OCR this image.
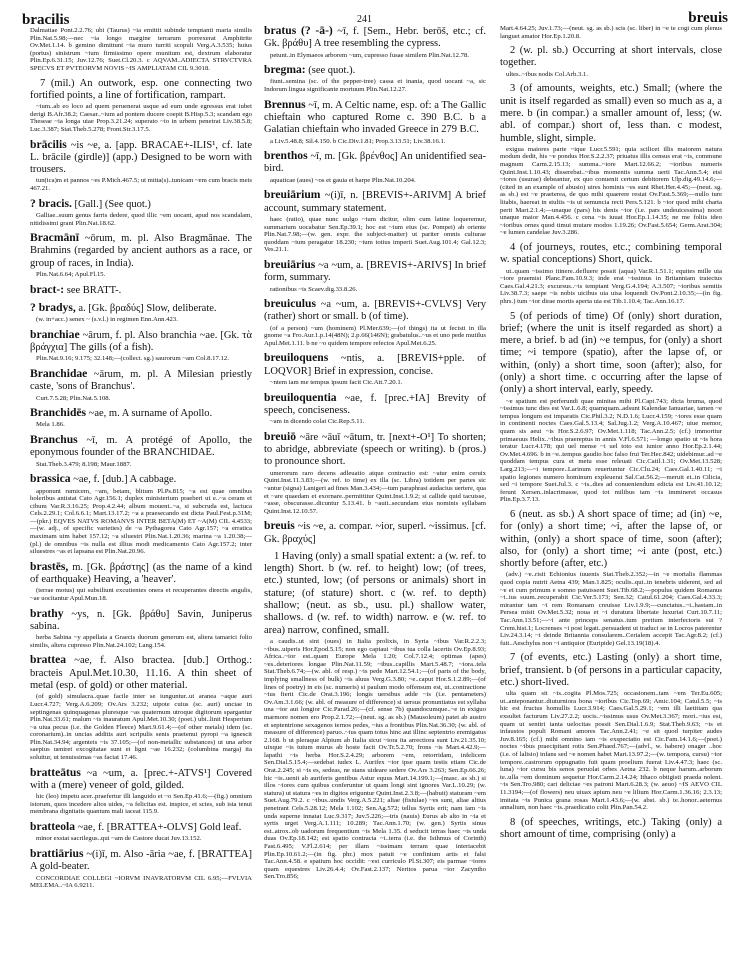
bracilis	241	breuis

Dalmatiae Pont.2.2.76; ubi (Taurus) ~ia emittit subinde temptanti maria similis Plin.Nat.5.98;—nec ~ia longo margine terrarum porrexerat Amphitrite Ov.Met.1.14. b gemino dimittunt ~ia muro turriti scopuli Verg.A.3.535; huius (portus) sinistrum ~ium firmissimo opere munitum est, dextrum elaboratur Plin.Ep.6.31.15; Juv.12.76; Suet.Cl.20.3. c AQVAM..ADIECTA STRVCTVRA SPECVS ET PVTEORVM NOVIS ~IS AMPLIATAM CIL 9.3018.

7 (mil.) An outwork, esp. one connecting two fortified points, a line of fortification, rampart.

~ium..ab eo loco ad quem peruenerat usque ad eum unde egressus erat iubet derigi B.Afr.38.2; Caesar..~ium ad pontem ducere coepit B.Hisp.5.3; scandam ego Theseae ~ia longa uiae Prop.3.21.24; superato ~io in urbem penetrat Liv.38.5.8; Luc.3.387; Stat.Theb.5.278; Front.Str.3.17.5.

brācilis ~is ~e, a. [app. BRACAE+-ILIS¹, cf. late L. brācile (girdle)] (app.) Designed to be worn with trousers.

tun(ica)m et pannos ~es P.Mich.467.5; ut mitta(s)..tunicam ~em cum bracis meis 467.21.

? bracis. [Gall.] (See quot.)

Galliae..suum genus farris dedere, quod illic ~em uocant, apud nos scandalam, nitidissimi grani Plin.Nat.18.62.

Bracmānī ~ōrum, m. pl. Also Bragmānae. The Brahmins (regarded by ancient authors as a race, or group of races, in India).

Plin.Nat.6.64; Apul.Fl.15.

bract-: see BRATT-.

? bradys, a. [Gk. βραδύς] Slow, deliberate.

(w. in+acc.) senex ~ (s.v.l.) in regimen Enn.Ann.423.

branchiae ~ārum, f. pl. Also branchia ~ae. [Gk. τὰ βράγχια] The gills (of a fish).

Plin.Nat.9.16; 9.175; 32.148;—(collect. sg.) saurorum ~am Col.8.17.12.

Branchidae ~ārum, m. pl. A Milesian priestly caste, 'sons of Branchus'.

Curt.7.5.28; Plin.Nat.5.108.

Branchidēs ~ae, m. A surname of Apollo.

Mela 1.86.

Branchus ~ī, m. A protégé of Apollo, the eponymous founder of the BRANCHIDAE.

Stat.Theb.3.479; 8.198; Maur.1887.

brassica ~ae, f. [dub.] A cabbage.

apponunt rumicem, ~am, betam, blitum Pl.Ps.815; ~a est quae omnibus holeribus antistat Cato Agr.156.1; duplex ministerium praeberi ut e..~a ceram et cibum Var.R.3.16.25; Prop.4.2.44; album mouent..~a, si subcruda est, lactuca Cels.2.29.1; Col.6.6.1; Mart.13.17.2; ~a a praesecando est dicta Paul.Fest.p.31M;—(pkr.) EQVES NATVS ROMANVS INTER BETA(M) ET ~A(M) CIL 4.4533;—(w. adj., of specific varieties) de ~a Pythagorea Cato Agr.157; ~a erratica maximam uim habet 157.12; ~a siluestri Plin.Nat.1.20.36; marina ~a 1.20.38;—(pl.) de omnibus ~is nulla est illius modi medicamento Cato Agr.157.2; inter siluestres ~as et lapsana est Plin.Nat.20.96.

brastēs, m. [Gk. βράστης] (as the name of a kind of earthquake) Heaving, a 'heaver'.

(terrae motus) qui subsiliunt excutientes onera et recuperantes directis angulis, ~ae uocitantur Apul.Mun.18.

brathy ~ys, n. [Gk. βράθυ] Savin, Juniperus sabina.

herba Sabina ~y appellata a Graecis duorum generum est, altera tamarici folio similis, altera cupresso Plin.Nat.24.102; Lang.154.

brattea ~ae, f. Also bractea. [dub.] Orthog.: bracteis Apul.Met.10.30, 11.16. A thin sheet of metal (esp. of gold) or other material.

(of gold) simulacra..quae facile inter se iunguntur..ut aranea ~aque auri Lucr.4.727; Verg.A.6.209; Ov.Ars 3.232; utpote cuius (sc. auri) unciae in septingenas quinquagenas pluresque ~as quaternum utroque digitorum spargantur Plin.Nat.33.61; malum ~is inauratum Apul.Met.10.30; (poet.) ubi..linit Hesperium ~a uiua pecus (i.e. the Golden Fleece) Mart.9.61.4;—(of other metals) idem (sc. coronarium)..in uncias additis auri scripulis senis praetenui pyropi ~a ignescit Plin.Nat.34.94; argenteis ~is 37.105;—(of non-metallic substances) ut una arbor saepius ueniret excogitatae sunt et ligni ~ae 16.232; (columbina marga) ita soluitur, ut tenuissimas ~as faciat 17.46.

bratteātus ~a ~um, a. [prec.+-ATVS¹] Covered with a (mere) veneer of gold, gilded.

hic (leo) impetu acer..praefertur illi languido et ~o Sen.Ep.41.6;—(fig.) omnium istorum, quos incedere altos uides, ~a felicitas est. inspice, et scies, sub ista tenui membrana dignitatis quantum mali iaceat 115.9.

bratteola ~ae, f. [BRATTEA+-OLVS] Gold leaf.

minor exstat sacrilegus..qui ~am de Castore ducat Juv.13.152.

brattiārius ~(i)ī, m. Also -āria ~ae, f. [BRATTEA] A gold-beater.

CONCORDIAE COLLEGI ~IORVM INAVRATORVM CIL 6.95;—FVLVIA MELEMA..~IA 6.9211.

bratus (? -ā-) ~ī, f. [Sem., Hebr. berōš, etc.; cf. Gk. βράθυ] A tree resembling the cypress.

petunt..in Elymaeos arborem ~um, cupresso fusae similem Plin.Nat.12.78.

bregma: (see quot.).

fiunt..semina (sc. of the pepper-tree) cassa et inania, quod uocant ~a, sic Indorum lingua significante mortuum Plin.Nat.12.27.

Brennus ~ī, m. A Celtic name, esp. of: a The Gallic chieftain who captured Rome c. 390 B.C. b a Galatian chieftain who invaded Greece in 279 B.C.

a Liv.5.48.8; Sil.4.150. b Cic.Div.1.81; Prop.3.13.51; Liv.38.16.1.

brenthos ~ī, m. [Gk. βρένθος] An unidentified sea-bird.

aquaticae (aues) ~os et gauia et harpe Plin.Nat.10.204.

breuiārium ~(i)ī, n. [BREVIS+-ARIVM] A brief account, summary statement.

haec (ratio), quae nunc uulgo ~ium dicitur, olim cum latine loqueremur, summarium uocabatur Sen.Ep.39.1; hoc est ~ium eius (sc. Pompei) ab oriente Plin.Nat.7.98;—(w. gen. expr. the subject-matter) ut pariter omnis culturae quoddam ~ium peragatur 18.230; ~ium totius imperii Suet.Aug.101.4; Gal.12.3; Ves.21.1.

breuiārius ~a ~um, a. [BREVIS+-ARIVS] In brief form, summary.

rationibus ~is Scaev.dig.33.8.26.

breuiculus ~a ~um, a. [BREVIS+-CVLVS] Very (rather) short or small. b (of time).

(of a person) ~um (hominem) Pl.Mer.639;—(of things) ita ut fecisti in illa gnome ~a Fro.Aur.1.p.14(48N); 2.p.66(146N); grabatulus..~us et uno pede mutilus Apul.Met.1.11. b ne ~o quidem tempore refectos Apul.Met.6.25.

breuiloquens ~ntis, a. [BREVIS+pple. of LOQVOR] Brief in expression, concise.

~ntem iam me tempus ipsum facit Cic.Att.7.20.1.

breuiloquentia ~ae, f. [prec.+IA] Brevity of speech, conciseness.

~am in dicendo colat Cic.Rep.5.11.

breuiō ~āre ~āuī ~ātum, tr. [next+-O¹] To shorten; to abridge, abbreviate (speech or writing). b (pros.) to pronounce short.

umerorum raro decens adleuatio atque contractio est: ~atur enim ceruix Quint.Inst.11.3.83;—(w. ref. to time) ex illa (sc. Libra) totidem per partes sic ~antur (signa) Lanigeri ad fines Man.3.434;—tum paraphrasi audacius uertere, qua et ~are quaedam et exornare..permittitur Quint.Inst.1.9.2; si callide quid tacuisse, ~asse, obscurasse..dicuntur 5.13.41. b ~auit..secundam eius nominis syllabam Quint.Inst.12.10.57.

breuis ~is ~e, a. compar. ~ior, superl. ~issimus. [cf. Gk. βραχύς]

1 Having (only) a small spatial extent: a (w. ref. to length) Short. b (w. ref. to height) low; (of trees, etc.) stunted, low; (of persons or animals) short in stature; (of stature) short. c (w. ref. to depth) shallow; (neut. as sb., usu. pl.) shallow water, shallows. d (w. ref. to width) narrow. e (w. ref. to area) narrow, confined, small.

a caudis..ut sint (oues) in Italia prolixis, in Syria ~ibus Var.R.2.2.3; ~ibus..uiperis Hor.Epod.5.15; non ego captaui ~ibus tua colla lacertis Ov.Ep.8.93; Africa..~ior est..quam Europe Mela 1.20; Col.7.12.4; optimas (apes) ~es..deteriores longae Plin.Nat.11.59; ~ibus..capillis Mart.5.48.7; ~iora..tela Stat.Theb.6.74;—(w. abl. of resp.) ~is pede Mart.12.54.1;—(of parts of the body, implying smallness of bulk) ~is aluus Verg.G.3.80; ~e..caput Hor.S.1.2.89;—(of lines of poetry) in eis (sc. numeris) si paulum modo offensum est, ut..contractione ~ius fierit Cic.de Orat.3.196; longis uersibus adde ~is (i.e. pentameters) Ov.Am.3.1.66; (w. abl. of measure of difference) si uersus pronuntiatus est syllaba una ~ior aut longior Cic.Parad.26;—(cf. sense 7b) quandocumque..~e in exiguo marmore nomen ero Prop.2.1.72;—(neut. sg. as sb.) (Mausoleum) patet ab austro et septentrione sexagenos ternos pedes, ~ius a frontibus Plin.Nat.36.30; (w. abl. of measure of difference) paruo..~ius quam totus hinc aut illinc septentrio eremigatus 2.168. b ut pleraque Alpium ab Italia sicut ~iora ita arrectiora sunt Liv.21.35.10; uixque ~is tutum murus ab hoste facit Ov.Tr.5.2.70; frons ~is Mart.4.42.9;—lapathi ~is herba Hor.S.2.4.29; arborem ~em, retorridam, infelicem Sen.Dial.5.15.4;—sedebat iudex L. Aurifex ~ior ipse quam testis etiam Cic.de Orat.2.245; si ~is es, sedeas, ne stans uideare sedere Ov.Ars 3.263; Sen.Ep.66.26; hic ~is..uenit ab auriferis gentibus Astur equus Mart.14.199.1;—(masc. as sb.) si illos ~iores cum quibus conferuntur ut quam longi sint ignores Var.L.10.29; (w. statura) ut statura ~es in digitos eriguntur Quint.Inst.2.3.8;—(habuit) staturam ~em Suet.Aug.79.2. c ~ibus..undis Verg.A.5.221; aliae (fistulae) ~es sunt, aliae altius penetrant Cels.5.28.12; Mela 1.102; Sen.Ag.572; tellus Syrtis erit; nam iam ~is unda superne innatat Luc.9.317; Juv.5.226;—tris (nauis) Eurus ab alto in ~ia et syrtis urget Verg.A.1.111; 10.289; Tac.Ann.1.70; (w. gen.) Syrtis sinus est..atrox..ob uadorum frequentium ~is Mela 1.35. d seducit terras haec ~is unda duas Ov.Ep.18.142; est spatio contracta ~i..terra (i.e. the Isthmus of Corinth) Fast.6.495; V.Fl.2.614; per illam ~issimam terram quae interiacebit Plin.Ep.10.61.2;—(in fig. phr.) mox patuit ~e confinium artis et falsi Tac.Ann.4.58. e spatium hoc occidit: ~est curriculo Pl.St.307; eis parmae ~iores quam equestres Liv.26.4.4; Ov.Fast.2.137; Neritos parua ~ior Zacyntho Sen.Tro.856;

Mart.4.64.25; Juv.1.73;—(neut. sg. as sb.) scis (sc. liber) in ~e te cogi cum plenus languet amator Hor.Ep.1.20.8.

2 (w. pl. sb.) Occurring at short intervals, close together.

ultes..~ibus nodis Col.Arb.3.1.

3 (of amounts, weights, etc.) Small; (where the unit is itself regarded as small) even so much as a, a mere. b (in compar.) a smaller amount of, less; (w. abl. of compar.) short of, less than. c modest, humble, slight, simple.

exigua maiores parte ~ique Lucr.5.591; quia scilicet illis maiorem natura modum dedit, his ~e pondus Hor.S.2.2.37; priuatus illis census erat ~is, commune magnum Carm.2.15.13; summa..~iore Mart.12.66.2; ~ioribus numeris Quint.Inst.1.10.43; disserebat..~ibus momentis summa uerti Tac.Ann.5.4; etsi ~iores (usurae) debeantur, ex quo conuenit certum debitorem Ulp.dig.49.14.6;—(cited in an example of abusio) uires hominis ~es sunt Rhet.Her.4.45;—(neut. sg. as sb.) est ~e praeterea, de quo mihi quaerere restat Ov.Fast.5.369;—nullo ture litabis, haereat in stultis ~is ut semuncia recti Pers.5.121. b ~ior quod mihi charta perit Mart.2.1.4;—unaque (pars) bis denis ~ior (i.e. pars undeuicessima) nocet unaque maior Man.4.456. c cena ~is iuuat Hor.Ep.1.14.35; ne me foliis ideo ~ioribus ornes quod timui mutare modos 1.19.26; Ov.Fast.5.654; Germ.Arat.304; ~e lumen candelae Juv.3.286.

4 (of journeys, routes, etc.; combining temporal w. spatial conceptions) Short, quick.

ut..quam ~issimo itinere..defluere possit (aqua) Var.R.1.51.1; equites mille uia ~iore praemisi Planc.Fam.10.9.3; inde erat ~issimus in Britanniam traiectus Caes.Gal.4.21.3; excursus..~is temptant Verg.G.4.194; A.3.507; ~ioribus semitis Liv.38.7.3; saepe ~is nobis uicibus uia uisa loquendi Ov.Pont.2.10.35;—(in fig. phrs.) tum ~ior dirae mortis aperta uia est Tib.1.10.4; Tac.Ann.16.17.

5 (of periods of time) Of (only) short duration, brief; (where the unit is itself regarded as short) a mere, a brief. b ad (in) ~e tempus, for (only) a short time; ~i tempore (spatio), after the lapse of, or within, (only) a short time, soon (after); also, for (only) a short time. c occurring after the lapse of (only) a short interval, early, speedy.

~e spatium est perferundi quae minitas mihi Pl.Capt.743; dicta bruma, quod ~issimus tunc dies est Var.L.6.8; quamquam..adsunt Kalendae Ianuariae, tamen ~e tempus longum est imparatis Cic.Phil.3.2; N.D.1.6; Lucr.4.159; ~iores esse quam in continenti noctes Caes.Gal.5.13.4; Sal.Jug.1.2; Verg.A.10.467; uiue memor, quam sis aeui ~is Hor.S.2.6.97; Ov.Met.1.118; Tac.Ann.2.5; (cf.) immoritur primaeuus Helix..~ibus praereptus in annis V.Fl.6.571; —longo spatio ut ~is hora teratur Lucr.4.178; qui uel mense ~i uel toto est iunior anno Hor.Ep.2.1.44; Ov.Met.4.696. b in ~e..tempus gaudio hoc falso frui Ter.Hec.842; uidebimur..ad ~e quoddam tempus cura et metu esse releuati Cic.Catil.1.31; Ov.Met.13.528; Larg.213;—~i tempore..Larinum reuertuntur Cic.Clu.24; Caes.Gal.1.40.11; ~i spatio legiones numero hominum expleuerat Sal.Cat.56.2;—meruit et..in Cilicia, sed ~i tempore Suet.Jul.3. c ~is..dies ad conueniendum edicta est Liv.41.10.12; ferunt Xersen..inlacrimasse, quod tot milibus tam ~is immineret occasus Plin.Ep.3.7.13.

6 (neut. as sb.) A short space of time; ad (in) ~e, for (only) a short time; ~i, after the lapse of, or within, (only) a short space of time, soon (after); also, for (only) a short time; ~i ante (post, etc.) shortly before (after, etc.)

(adv.) ~e..risit Echionius iuuenis Stat.Theb.2.352;—in ~e mortalis flammas quod copia nutrit Aetna 439; Man.1.825; oculis..qui..in tenebris uiderent, sed ad ~e et cum primum e somno patuissent Suet.Tib.68.2;—populus quidem Romanus ~i..ius suum..recuperabit Cic.Ver.5.173; Sen.32; Catul.61.204; Caes.Gal.4.33.3; mirantur tam ~i rem Romanam creuisse Liv.1.9.9;—cunctatus..~i..hastam..in Persea misit Ov.Met.5.32; noua et ~i duratura libertate luxuriat Curt.10.7.11; Tac.Ann.13.51;—~i ante princeps senatus..tum pretium interfectoris sui ? Crem.hist.1; Locrenses ~i post legati..persuadent ut traduci se in Locros paterentur Liv.24.3.14; ~i deinde Britannia consularem..Cerialem accepit Tac.Agr.8.2; (cf.) fuit..Aeschylus non ~i antiquior (Euripide) Gel.13.19(18).4.

7 (of events, etc.) Lasting (only) a short time, brief, transient. b (of persons in a particular capacity, etc.) short-lived.

ulta quam sit ~is..cogita Pl.Mos.725; occasionem..tam ~em Ter.Eu.605; ut..anteponantur..diuturniora bona ~ioribus Cic.Top.69; Amic.104; Catul.5.5; ~is hic est fructus homullis Lucr.3.914; Caes.Gal.5.29.1; ~em illi laetitiam qua exsultet facturum Liv.27.2.2; uocis..~issimus usus Ov.Met.3.367; mori..~ius est, quam ut sentiri tanta uelocitas possit Sen.Dial.1.6.9; Stat.Theb.9.63; ~is et infaustos populi Romani amores Tac.Ann.2.41; ~e sit quod turpiter audes Juv.8.165; (cf.) mihi omnino iam ~is exspectatio est Cic.Fam.14.1.6;—(poet.) noctes ~ibus praecipitant rotis Sen.Phaed.767;—(advl., w. habere) onager ..hoc (i.e. of lalisio) infans sed ~e nomen habet Mart.13.97.2;—(w. tempora, cursu) ~ior tempore..castrorum oppugnatio fuit quam proelium fuerat Liv.4.47.3; haec (sc. luna) ~ior cursu bis senos peruolat orbes Aetna 232. b neque harum..arborum te..ulla ~em dominum sequetur Hor.Carm.2.14.24; Ithaco obtigisti praeda nolent. ~is Sen.Tro.980; cari deliciae ~es patroni Mart.6.28.3; (w. aeuo) ~IS AEVO CIL 11.3194;—(of flowers) neu uiuax apium neu ~e lilium Hor.Carm.1.36.16; 2.3.13; imitata ~is Punica grana rosas Mart.1.43.6;—(w. abst. sb.) te..honor..aeternus annalium, non haec ~is..praedicatio colit Plin.Pan.54.2.

8 (of speeches, writings, etc.) Taking (only) a short amount of time, comprising (only) a
